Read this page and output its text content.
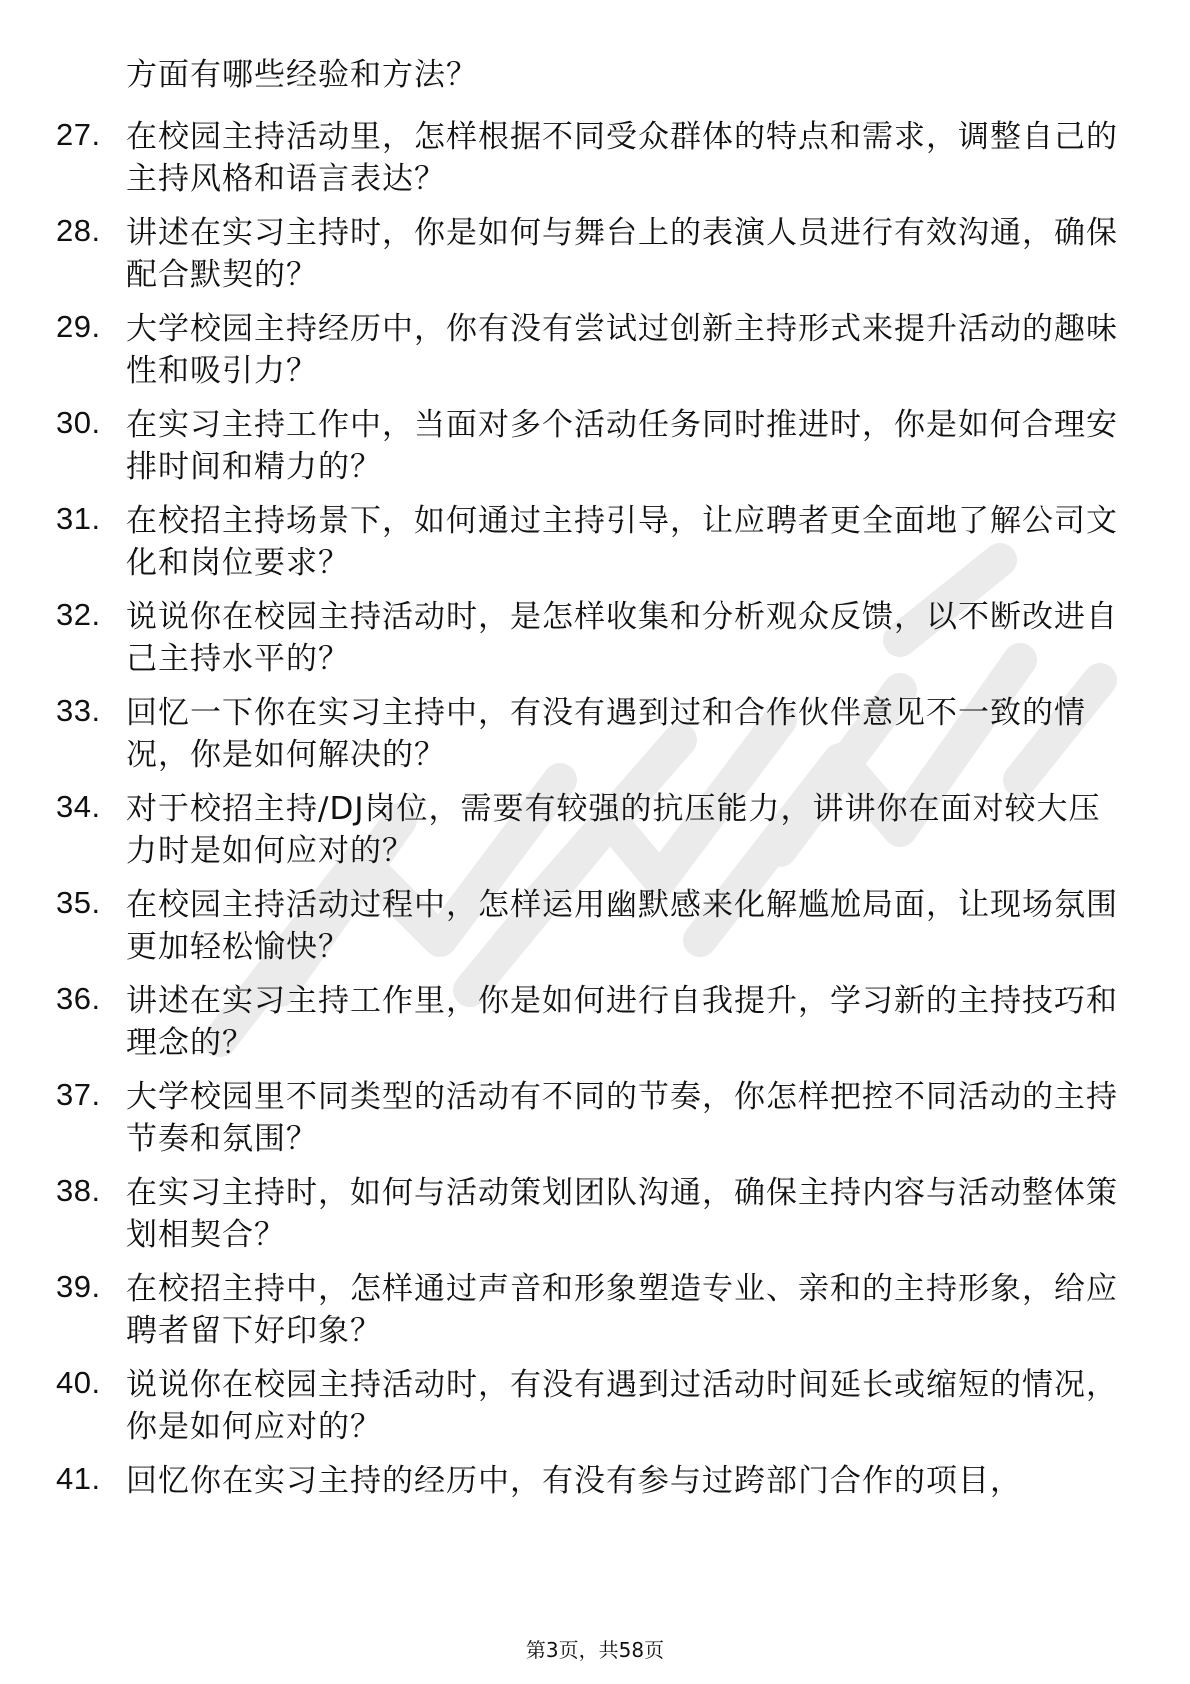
方面有哪些经验和方法？
27. 在校园主持活动里，怎样根据不同受众群体的特点和需求，调整自己的主持风格和语言表达？
28. 讲述在实习主持时，你是如何与舞台上的表演人员进行有效沟通，确保配合默契的？
29. 大学校园主持经历中，你有没有尝试过创新主持形式来提升活动的趣味性和吸引力？
30. 在实习主持工作中，当面对多个活动任务同时推进时，你是如何合理安排时间和精力的？
31. 在校招主持场景下，如何通过主持引导，让应聘者更全面地了解公司文化和岗位要求？
32. 说说你在校园主持活动时，是怎样收集和分析观众反馈，以不断改进自己主持水平的？
33. 回忆一下你在实习主持中，有没有遇到过和合作伙伴意见不一致的情况，你是如何解决的？
34. 对于校招主持/DJ岗位，需要有较强的抗压能力，讲讲你在面对较大压力时是如何应对的？
35. 在校园主持活动过程中，怎样运用幽默感来化解尴尬局面，让现场氛围更加轻松愉快？
36. 讲述在实习主持工作里，你是如何进行自我提升，学习新的主持技巧和理念的？
37. 大学校园里不同类型的活动有不同的节奏，你怎样把控不同活动的主持节奏和氛围？
38. 在实习主持时，如何与活动策划团队沟通，确保主持内容与活动整体策划相契合？
39. 在校招主持中，怎样通过声音和形象塑造专业、亲和的主持形象，给应聘者留下好印象？
40. 说说你在校园主持活动时，有没有遇到过活动时间延长或缩短的情况，你是如何应对的？
41. 回忆你在实习主持的经历中，有没有参与过跨部门合作的项目，
第3页，共58页
